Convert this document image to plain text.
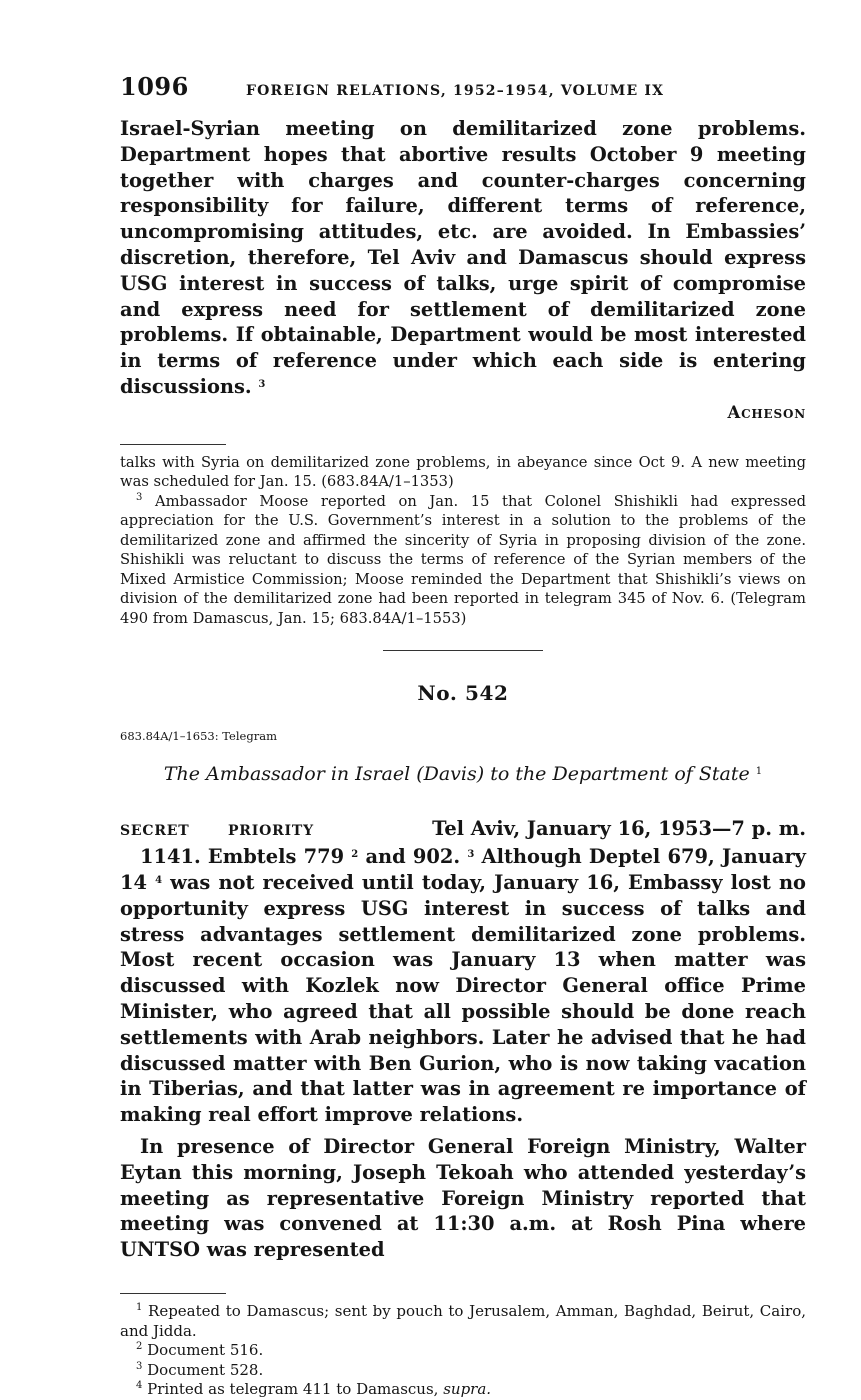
1096	FOREIGN RELATIONS, 1952–1954, VOLUME IX

Israel-Syrian meeting on demilitarized zone problems. Department hopes that abortive results October 9 meeting together with charges and counter-charges concerning responsibility for failure, different terms of reference, uncompromising attitudes, etc. are avoided. In Embassies’ discretion, therefore, Tel Aviv and Damascus should express USG interest in success of talks, urge spirit of compromise and express need for settlement of demilitarized zone problems. If obtainable, Department would be most interested in terms of reference under which each side is entering discussions. $^3$

Acheson

talks with Syria on demilitarized zone problems, in abeyance since Oct 9. A new meeting was scheduled for Jan. 15. (683.84A/1–1353)

$^3$ Ambassador Moose reported on Jan. 15 that Colonel Shishikli had expressed appreciation for the U.S. Government’s interest in a solution to the problems of the demilitarized zone and affirmed the sincerity of Syria in proposing division of the zone. Shishikli was reluctant to discuss the terms of reference of the Syrian members of the Mixed Armistice Commission; Moose reminded the Department that Shishikli’s views on division of the demilitarized zone had been reported in telegram 345 of Nov. 6. (Telegram 490 from Damascus, Jan. 15; 683.84A/1–1553)

No. 542
683.84A/1–1653: Telegram
The Ambassador in Israel (Davis) to the Department of State $^1$
SECRET	PRIORITY	Tel Aviv, January 16, 1953—7 p. m.

1141. Embtels 779 $^2$ and 902. $^3$ Although Deptel 679, January 14 $^4$ was not received until today, January 16, Embassy lost no opportunity express USG interest in success of talks and stress advantages settlement demilitarized zone problems. Most recent occasion was January 13 when matter was discussed with Kozlek now Director General office Prime Minister, who agreed that all possible should be done reach settlements with Arab neighbors. Later he advised that he had discussed matter with Ben Gurion, who is now taking vacation in Tiberias, and that latter was in agreement re importance of making real effort improve relations.

In presence of Director General Foreign Ministry, Walter Eytan this morning, Joseph Tekoah who attended yesterday’s meeting as representative Foreign Ministry reported that meeting was convened at 11:30 a.m. at Rosh Pina where UNTSO was represented

$^1$ Repeated to Damascus; sent by pouch to Jerusalem, Amman, Baghdad, Beirut, Cairo, and Jidda.

$^2$ Document 516.

$^3$ Document 528.

$^4$ Printed as telegram 411 to Damascus, supra.
